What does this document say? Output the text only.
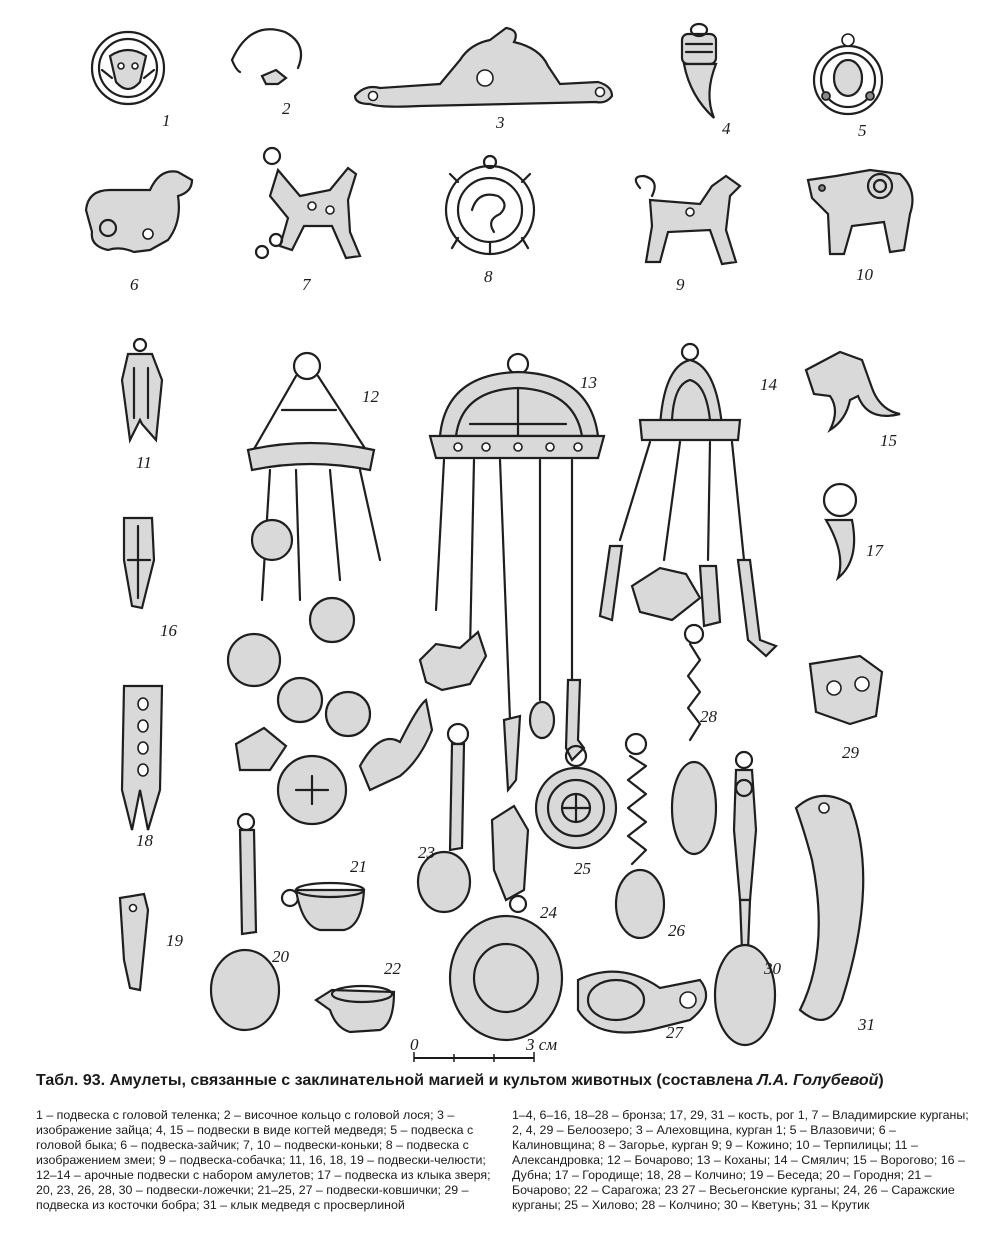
1
2
3	4	5
6	7	8	9
10
11
12
13	14
15
16
17
18
19
20
21
22
23
24
25
26
27
28
29
30
31
0	3 см
Табл. 93. Амулеты, связанные с заклинательной магией и культом животных (составлена Л.А. Голубевой)
1 – подвеска с головой теленка; 2 – височное кольцо с головой лося; 3 – изображение зайца; 4, 15 – подвески в виде когтей медведя; 5 – подвеска с головой быка; 6 – подвеска-зайчик; 7, 10 – подвески-коньки; 8 – подвеска с изображением змеи; 9 – подвеска-собачка; 11, 16, 18, 19 – подвески-челюсти; 12–14 – арочные подвески с набором амулетов; 17 – подвеска из клыка зверя; 20, 23, 26, 28, 30 – подвески-ложечки; 21–25, 27 – подвески-ковшички; 29 – подвеска из косточки бобра; 31 – клык медведя с просверлиной
1–4, 6–16, 18–28 – бронза; 17, 29, 31 – кость, рог 1, 7 – Владимирские курганы; 2, 4, 29 – Белоозеро; 3 – Алеховщина, курган 1; 5 – Влазовичи; 6 – Калиновщина; 8 – Загорье, курган 9; 9 – Кожино; 10 – Терпилицы; 11 – Александровка; 12 – Бочарово; 13 – Коханы; 14 – Смялич; 15 – Ворогово; 16 – Дубна; 17 – Городище; 18, 28 – Колчино; 19 – Беседа; 20 – Городня; 21 – Бочарово; 22 – Сарагожа; 23 27 – Весьегонские курганы; 24, 26 – Саражские курганы; 25 – Хилово; 28 – Колчино; 30 – Кветунь; 31 – Крутик
